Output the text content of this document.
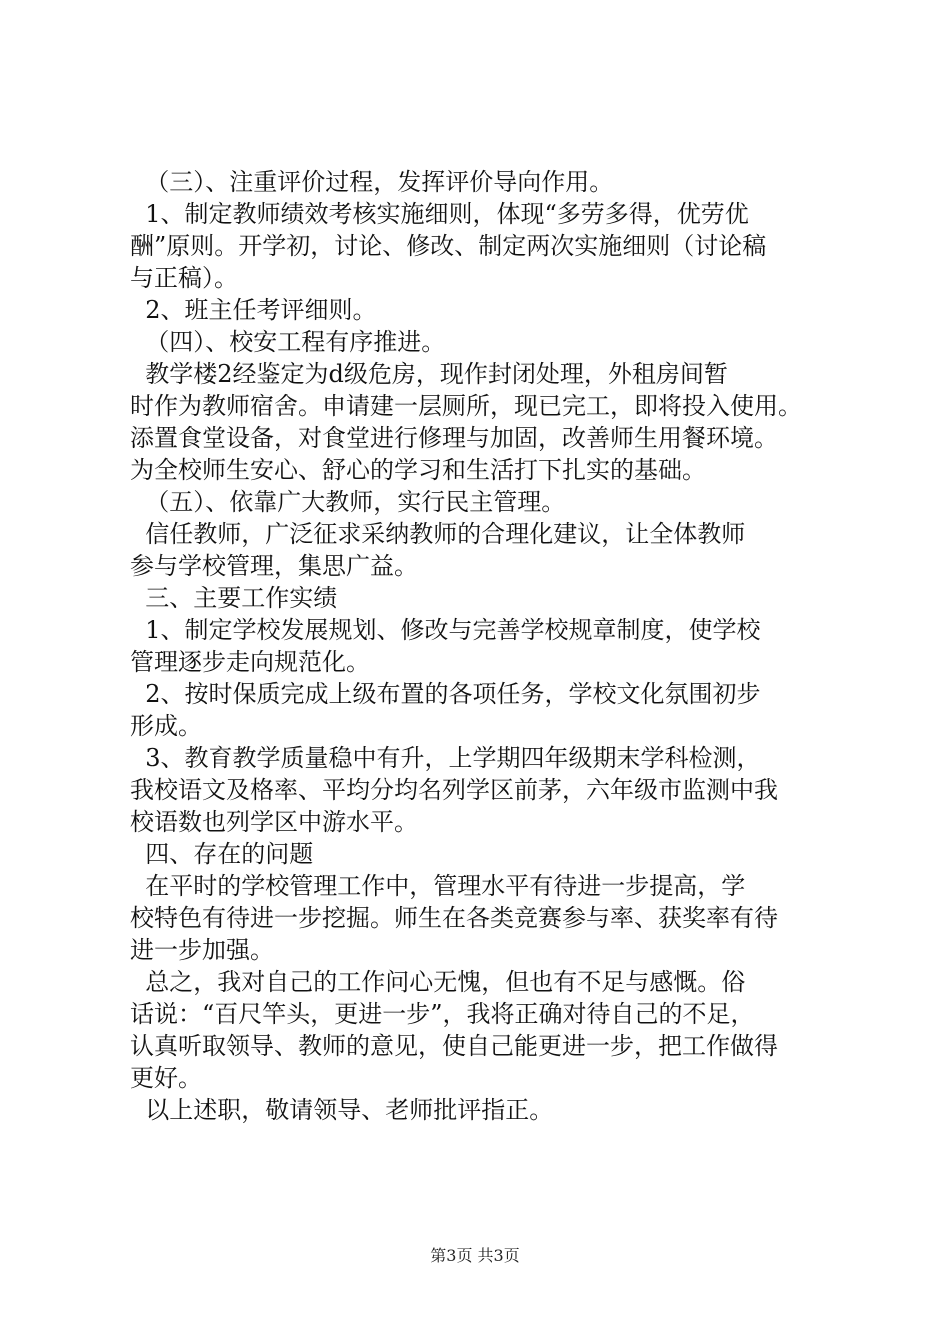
（三）、注重评价过程，发挥评价导向作用。
1、制定教师绩效考核实施细则，体现“多劳多得，优劳优
酬”原则。开学初，讨论、修改、制定两次实施细则（讨论稿
与正稿）。
2、班主任考评细则。
（四）、校安工程有序推进。
教学楼2经鉴定为d级危房，现作封闭处理，外租房间暂
时作为教师宿舍。申请建一层厕所，现已完工，即将投入使用。
添置食堂设备，对食堂进行修理与加固，改善师生用餐环境。
为全校师生安心、舒心的学习和生活打下扎实的基础。
（五）、依靠广大教师，实行民主管理。
信任教师，广泛征求采纳教师的合理化建议，让全体教师
参与学校管理，集思广益。
三、主要工作实绩
1、制定学校发展规划、修改与完善学校规章制度，使学校
管理逐步走向规范化。
2、按时保质完成上级布置的各项任务，学校文化氛围初步
形成。
3、教育教学质量稳中有升，上学期四年级期末学科检测，
我校语文及格率、平均分均名列学区前茅，六年级市监测中我
校语数也列学区中游水平。
四、存在的问题
在平时的学校管理工作中，管理水平有待进一步提高，学
校特色有待进一步挖掘。师生在各类竞赛参与率、获奖率有待
进一步加强。
总之，我对自己的工作问心无愧，但也有不足与感慨。俗
话说：“百尺竿头，更进一步”，我将正确对待自己的不足，
认真听取领导、教师的意见，使自己能更进一步，把工作做得
更好。
以上述职，敬请领导、老师批评指正。
第3页 共3页
